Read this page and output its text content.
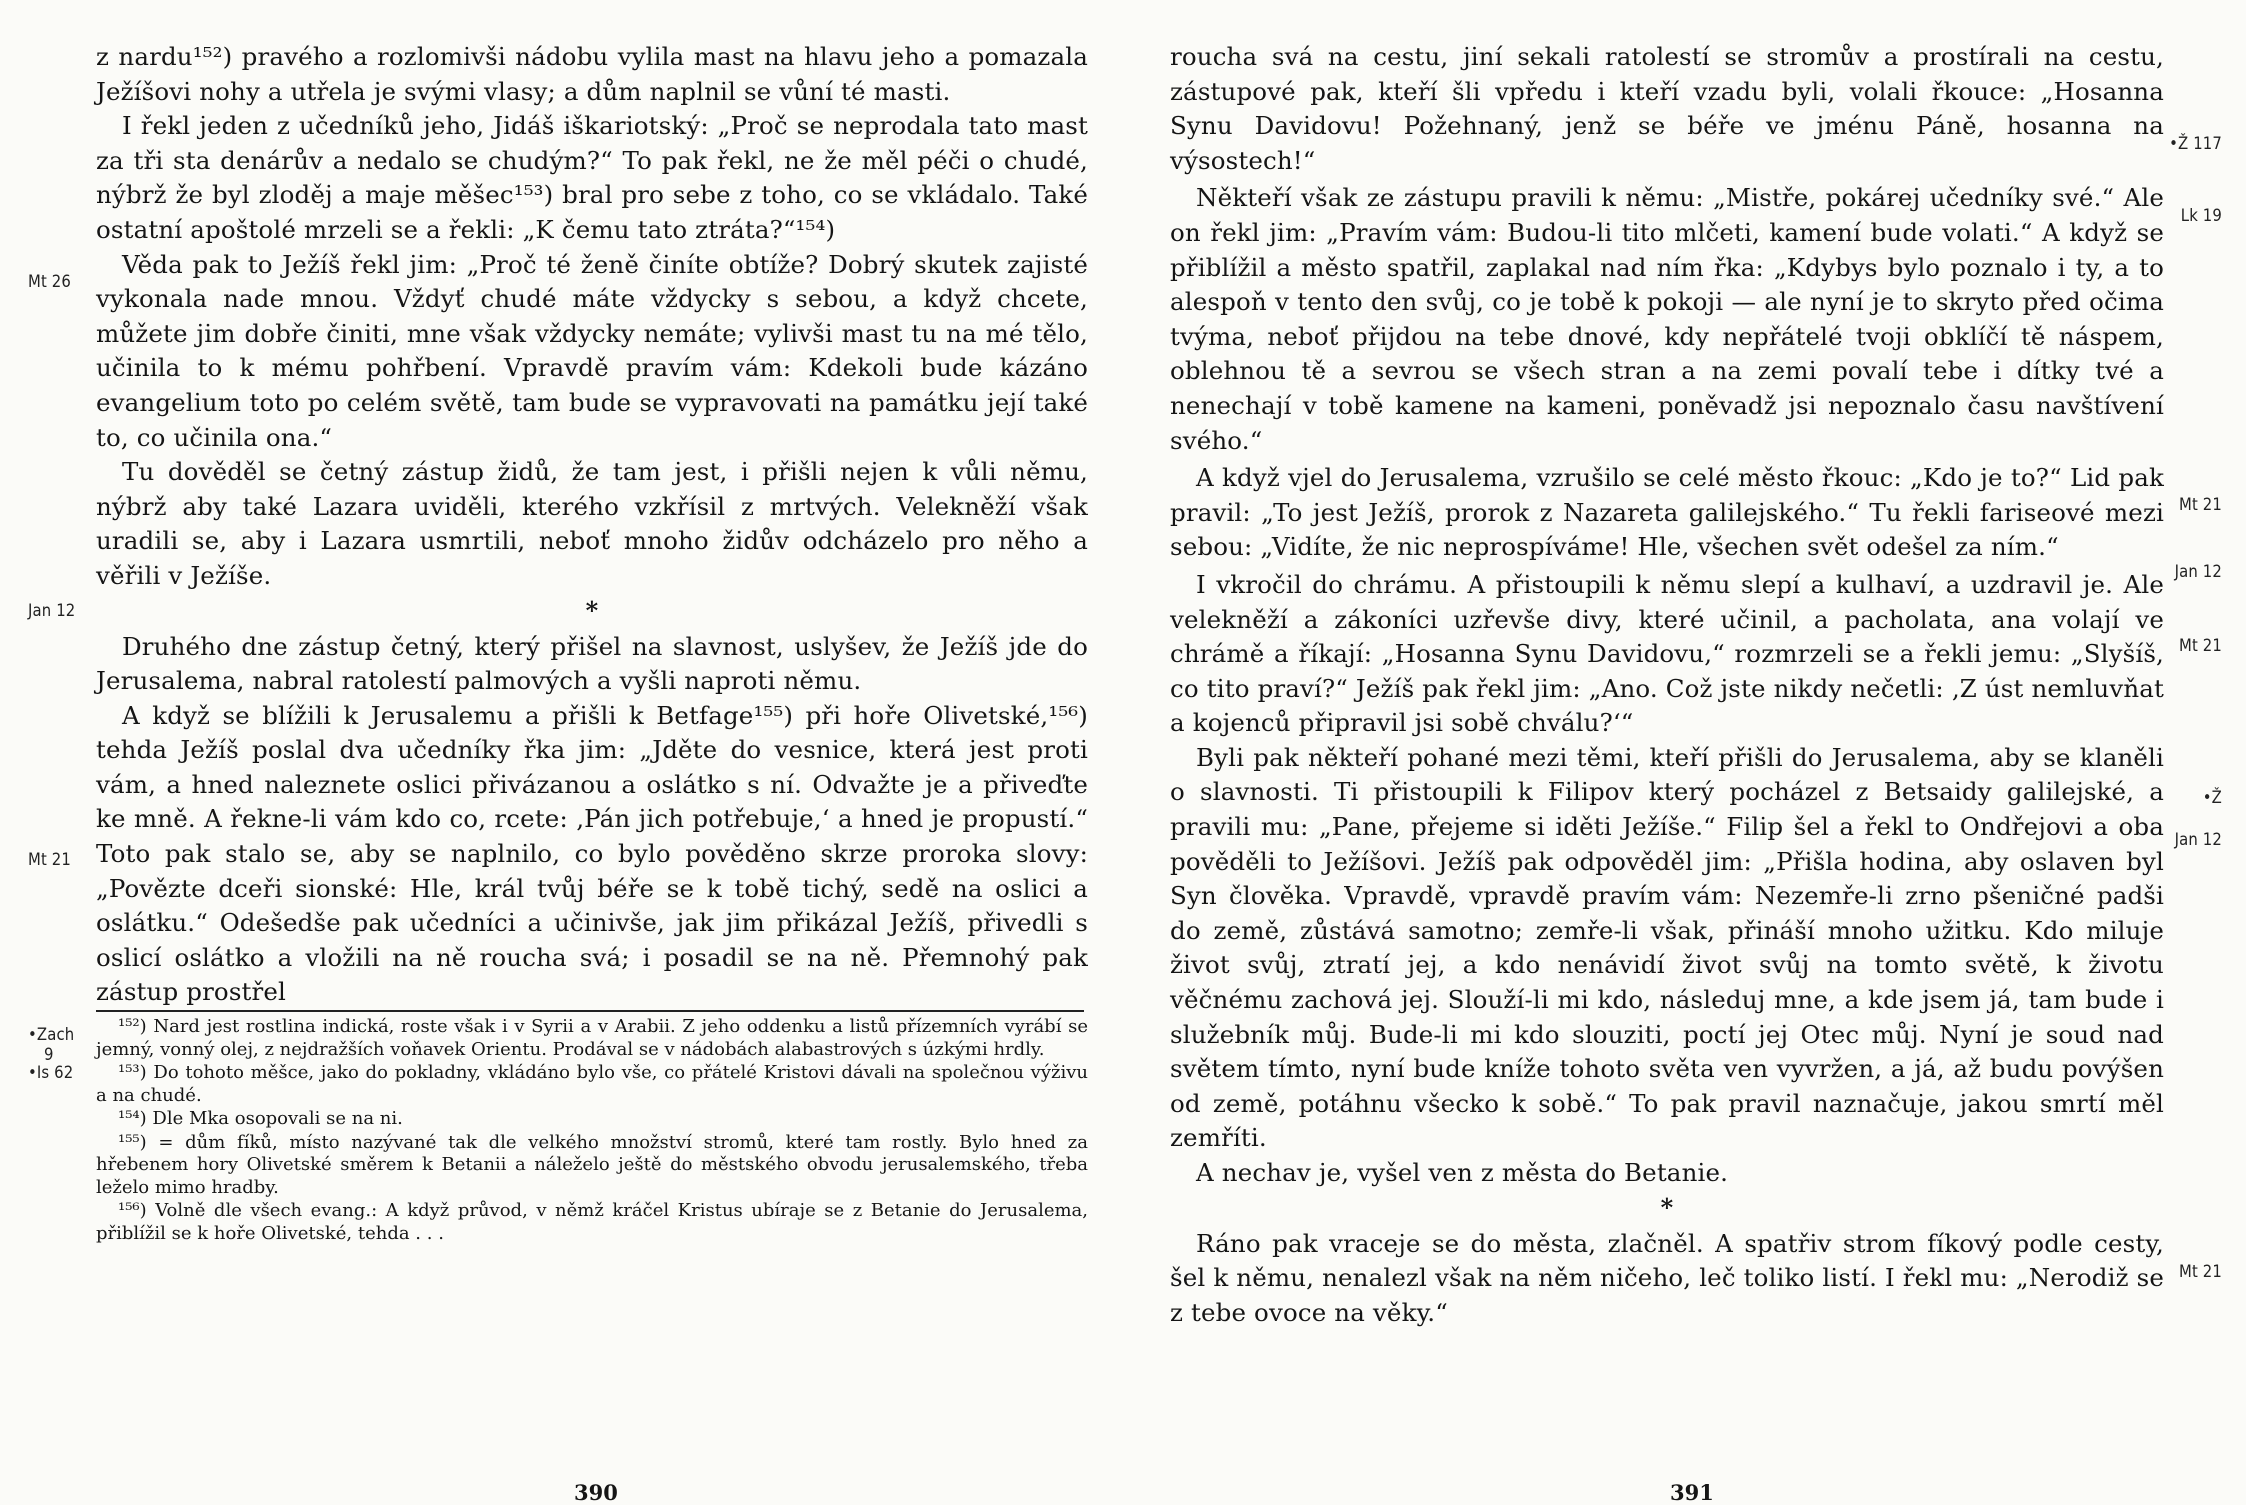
z nardu¹⁵²) pravého a rozlomivši nádobu vylila mast na hlavu jeho a pomazala Ježíšovi nohy a utřela je svými vlasy; a dům naplnil se vůní té masti.
I řekl jeden z učedníků jeho, Jidáš iškariotský: „Proč se neprodala tato mast za tři sta denárův a nedalo se chudým?“ To pak řekl, ne že měl péči o chudé, nýbrž že byl zloděj a maje měšec¹⁵³) bral pro sebe z toho, co se vkládalo. Také ostatní apoštolé mrzeli se a řekli: „K čemu tato ztráta?“¹⁵⁴)
Věda pak to Ježíš řekl jim: „Proč té ženě činíte obtíže? Dobrý skutek zajisté vykonala nade mnou. Vždyť chudé máte vždycky s sebou, a když chcete, můžete jim dobře činiti, mne však vždycky nemáte; vylivši mast tu na mé tělo, učinila to k mému pohřbení. Vpravdě pravím vám: Kdekoli bude kázáno evangelium toto po celém světě, tam bude se vypravovati na památku její také to, co učinila ona.“
Tu dověděl se četný zástup židů, že tam jest, i přišli nejen k vůli němu, nýbrž aby také Lazara uviděli, kterého vzkřísil z mrtvých. Velekněží však uradili se, aby i Lazara usmrtili, neboť mnoho židův odcházelo pro něho a věřili v Ježíše.
*
Druhého dne zástup četný, který přišel na slavnost, uslyšev, že Ježíš jde do Jerusalema, nabral ratolestí palmových a vyšli naproti němu.
A když se blížili k Jerusalemu a přišli k Betfage¹⁵⁵) při hoře Olivetské,¹⁵⁶) tehda Ježíš poslal dva učedníky řka jim: „Jděte do vesnice, která jest proti vám, a hned naleznete oslici přivázanou a oslátko s ní. Odvažte je a přiveďte ke mně. A řekne-li vám kdo co, rcete: ‚Pán jich potřebuje,‘ a hned je propustí.“ Toto pak stalo se, aby se naplnilo, co bylo pověděno skrze proroka slovy: „Povězte dceři sionské: Hle, král tvůj béře se k tobě tichý, sedě na oslici a oslátku.“ Odešedše pak učedníci a učinivše, jak jim přikázal Ježíš, přivedli s oslicí oslátko a vložili na ně roucha svá; i posadil se na ně. Přemnohý pak zástup prostřel
Mt 26
Jan 12
Mt 21
•Zach
9
•Is 62
¹⁵²) Nard jest rostlina indická, roste však i v Syrii a v Arabii. Z jeho oddenku a listů přízemních vyrábí se jemný, vonný olej, z nejdražších voňavek Orientu. Prodával se v nádobách alabastrových s úzkými hrdly.
¹⁵³) Do tohoto měšce, jako do pokladny, vkládáno bylo vše, co přátelé Kristovi dávali na společnou výživu a na chudé.
¹⁵⁴) Dle Mka osopovali se na ni.
¹⁵⁵) = dům fíků, místo nazývané tak dle velkého množství stromů, které tam rostly. Bylo hned za hřebenem hory Olivetské směrem k Betanii a náleželo ještě do městského obvodu jerusalemského, třeba leželo mimo hradby.
¹⁵⁶) Volně dle všech evang.: A když průvod, v němž kráčel Kristus ubíraje se z Betanie do Jerusalema, přiblížil se k hoře Olivetské, tehda . . .
390
roucha svá na cestu, jiní sekali ratolestí se stromův a prostírali na cestu, zástupové pak, kteří šli vpředu i kteří vzadu byli, volali řkouce: „Hosanna Synu Davidovu! Požehnaný, jenž se béře ve jménu Páně, hosanna na výsostech!“
Někteří však ze zástupu pravili k němu: „Mistře, pokárej učedníky své.“ Ale on řekl jim: „Pravím vám: Budou-li tito mlčeti, kamení bude volati.“ A když se přiblížil a město spatřil, zaplakal nad ním řka: „Kdybys bylo poznalo i ty, a to alespoň v tento den svůj, co je tobě k pokoji — ale nyní je to skryto před očima tvýma, neboť přijdou na tebe dnové, kdy nepřátelé tvoji obklíčí tě náspem, oblehnou tě a sevrou se všech stran a na zemi povalí tebe i dítky tvé a nenechají v tobě kamene na kameni, poněvadž jsi nepoznalo času navštívení svého.“
A když vjel do Jerusalema, vzrušilo se celé město řkouc: „Kdo je to?“ Lid pak pravil: „To jest Ježíš, prorok z Nazareta galilejského.“ Tu řekli fariseové mezi sebou: „Vidíte, že nic neprospíváme! Hle, všechen svět odešel za ním.“
I vkročil do chrámu. A přistoupili k němu slepí a kulhaví, a uzdravil je. Ale velekněží a zákoníci uzřevše divy, které učinil, a pacholata, ana volají ve chrámě a říkají: „Hosanna Synu Davidovu,“ rozmrzeli se a řekli jemu: „Slyšíš, co tito praví?“ Ježíš pak řekl jim: „Ano. Což jste nikdy nečetli: ‚Z úst nemluvňat a kojenců připravil jsi sobě chválu?‘“
Byli pak někteří pohané mezi těmi, kteří přišli do Jerusalema, aby se klaněli o slavnosti. Ti přistoupili k Filipov který pocházel z Betsaidy galilejské, a pravili mu: „Pane, přejeme si iděti Ježíše.“ Filip šel a řekl to Ondřejovi a oba pověděli to Ježíšovi. Ježíš pak odpověděl jim: „Přišla hodina, aby oslaven byl Syn člověka. Vpravdě, vpravdě pravím vám: Nezemře-li zrno pšeničné padši do země, zůstává samotno; zemře-li však, přináší mnoho užitku. Kdo miluje život svůj, ztratí jej, a kdo nenávidí život svůj na tomto světě, k životu věčnému zachová jej. Slouží-li mi kdo, následuj mne, a kde jsem já, tam bude i služebník můj. Bude-li mi kdo slouziti, poctí jej Otec můj. Nyní je soud nad světem tímto, nyní bude kníže tohoto světa ven vyvržen, a já, až budu povýšen od země, potáhnu všecko k sobě.“ To pak pravil naznačuje, jakou smrtí měl zemříti.
A nechav je, vyšel ven z města do Betanie.
*
Ráno pak vraceje se do města, zlačněl. A spatřiv strom fíkový podle cesty, šel k němu, nenalezl však na něm ničeho, leč toliko listí. I řekl mu: „Nerodiž se z tebe ovoce na věky.“
•Ž 117
Lk 19
Mt 21
Jan 12
Mt 21
•Ž
Jan 12
Mt 21
391
